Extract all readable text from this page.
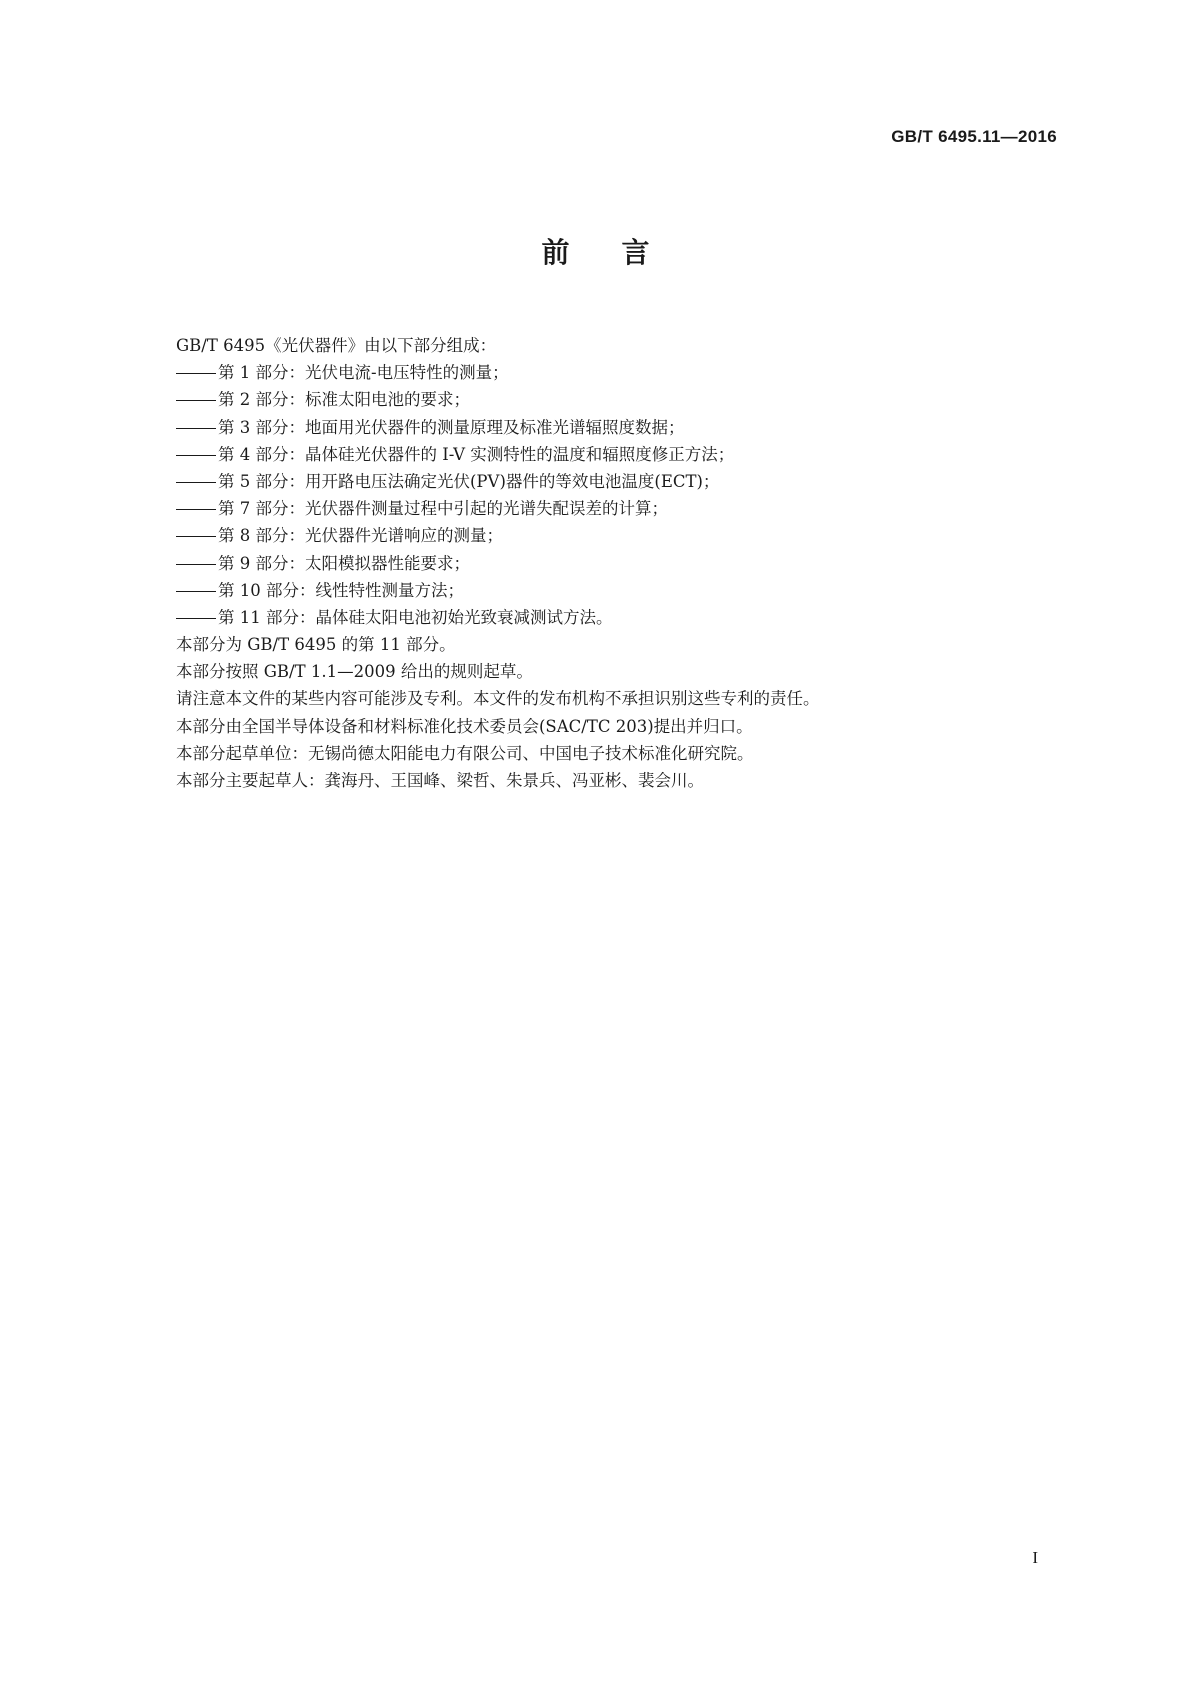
GB/T 6495.11—2016
前言
GB/T 6495《光伏器件》由以下部分组成：
第 1 部分：光伏电流-电压特性的测量；
第 2 部分：标准太阳电池的要求；
第 3 部分：地面用光伏器件的测量原理及标准光谱辐照度数据；
第 4 部分：晶体硅光伏器件的 I-V 实测特性的温度和辐照度修正方法；
第 5 部分：用开路电压法确定光伏(PV)器件的等效电池温度(ECT)；
第 7 部分：光伏器件测量过程中引起的光谱失配误差的计算；
第 8 部分：光伏器件光谱响应的测量；
第 9 部分：太阳模拟器性能要求；
第 10 部分：线性特性测量方法；
第 11 部分：晶体硅太阳电池初始光致衰减测试方法。
本部分为 GB/T 6495 的第 11 部分。
本部分按照 GB/T 1.1—2009 给出的规则起草。
请注意本文件的某些内容可能涉及专利。本文件的发布机构不承担识别这些专利的责任。
本部分由全国半导体设备和材料标准化技术委员会(SAC/TC 203)提出并归口。
本部分起草单位：无锡尚德太阳能电力有限公司、中国电子技术标准化研究院。
本部分主要起草人：龚海丹、王国峰、梁哲、朱景兵、冯亚彬、裴会川。
I
